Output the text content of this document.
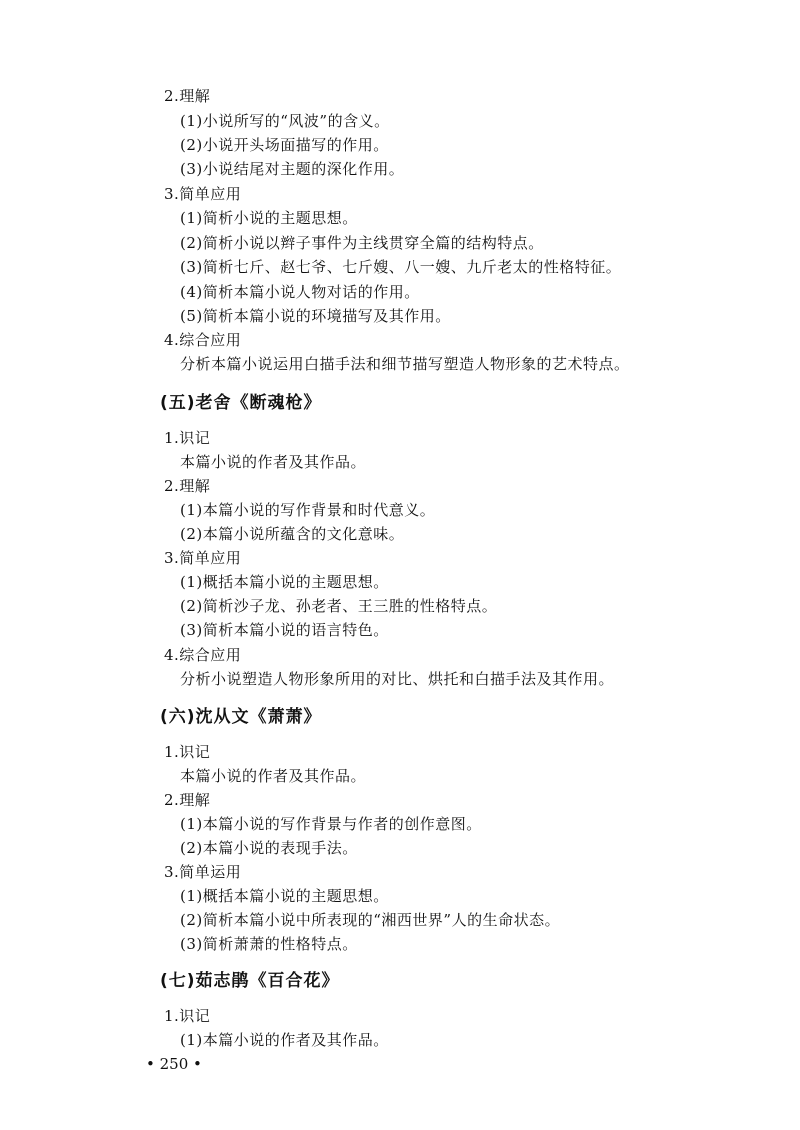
2.理解
(1)小说所写的“风波”的含义。
(2)小说开头场面描写的作用。
(3)小说结尾对主题的深化作用。
3.简单应用
(1)简析小说的主题思想。
(2)简析小说以辫子事件为主线贯穿全篇的结构特点。
(3)简析七斤、赵七爷、七斤嫂、八一嫂、九斤老太的性格特征。
(4)简析本篇小说人物对话的作用。
(5)简析本篇小说的环境描写及其作用。
4.综合应用
分析本篇小说运用白描手法和细节描写塑造人物形象的艺术特点。
(五)老舍《断魂枪》
1.识记
本篇小说的作者及其作品。
2.理解
(1)本篇小说的写作背景和时代意义。
(2)本篇小说所蕴含的文化意味。
3.简单应用
(1)概括本篇小说的主题思想。
(2)简析沙子龙、孙老者、王三胜的性格特点。
(3)简析本篇小说的语言特色。
4.综合应用
分析小说塑造人物形象所用的对比、烘托和白描手法及其作用。
(六)沈从文《萧萧》
1.识记
本篇小说的作者及其作品。
2.理解
(1)本篇小说的写作背景与作者的创作意图。
(2)本篇小说的表现手法。
3.简单运用
(1)概括本篇小说的主题思想。
(2)简析本篇小说中所表现的“湘西世界”人的生命状态。
(3)简析萧萧的性格特点。
(七)茹志鹃《百合花》
1.识记
(1)本篇小说的作者及其作品。
• 250 •
